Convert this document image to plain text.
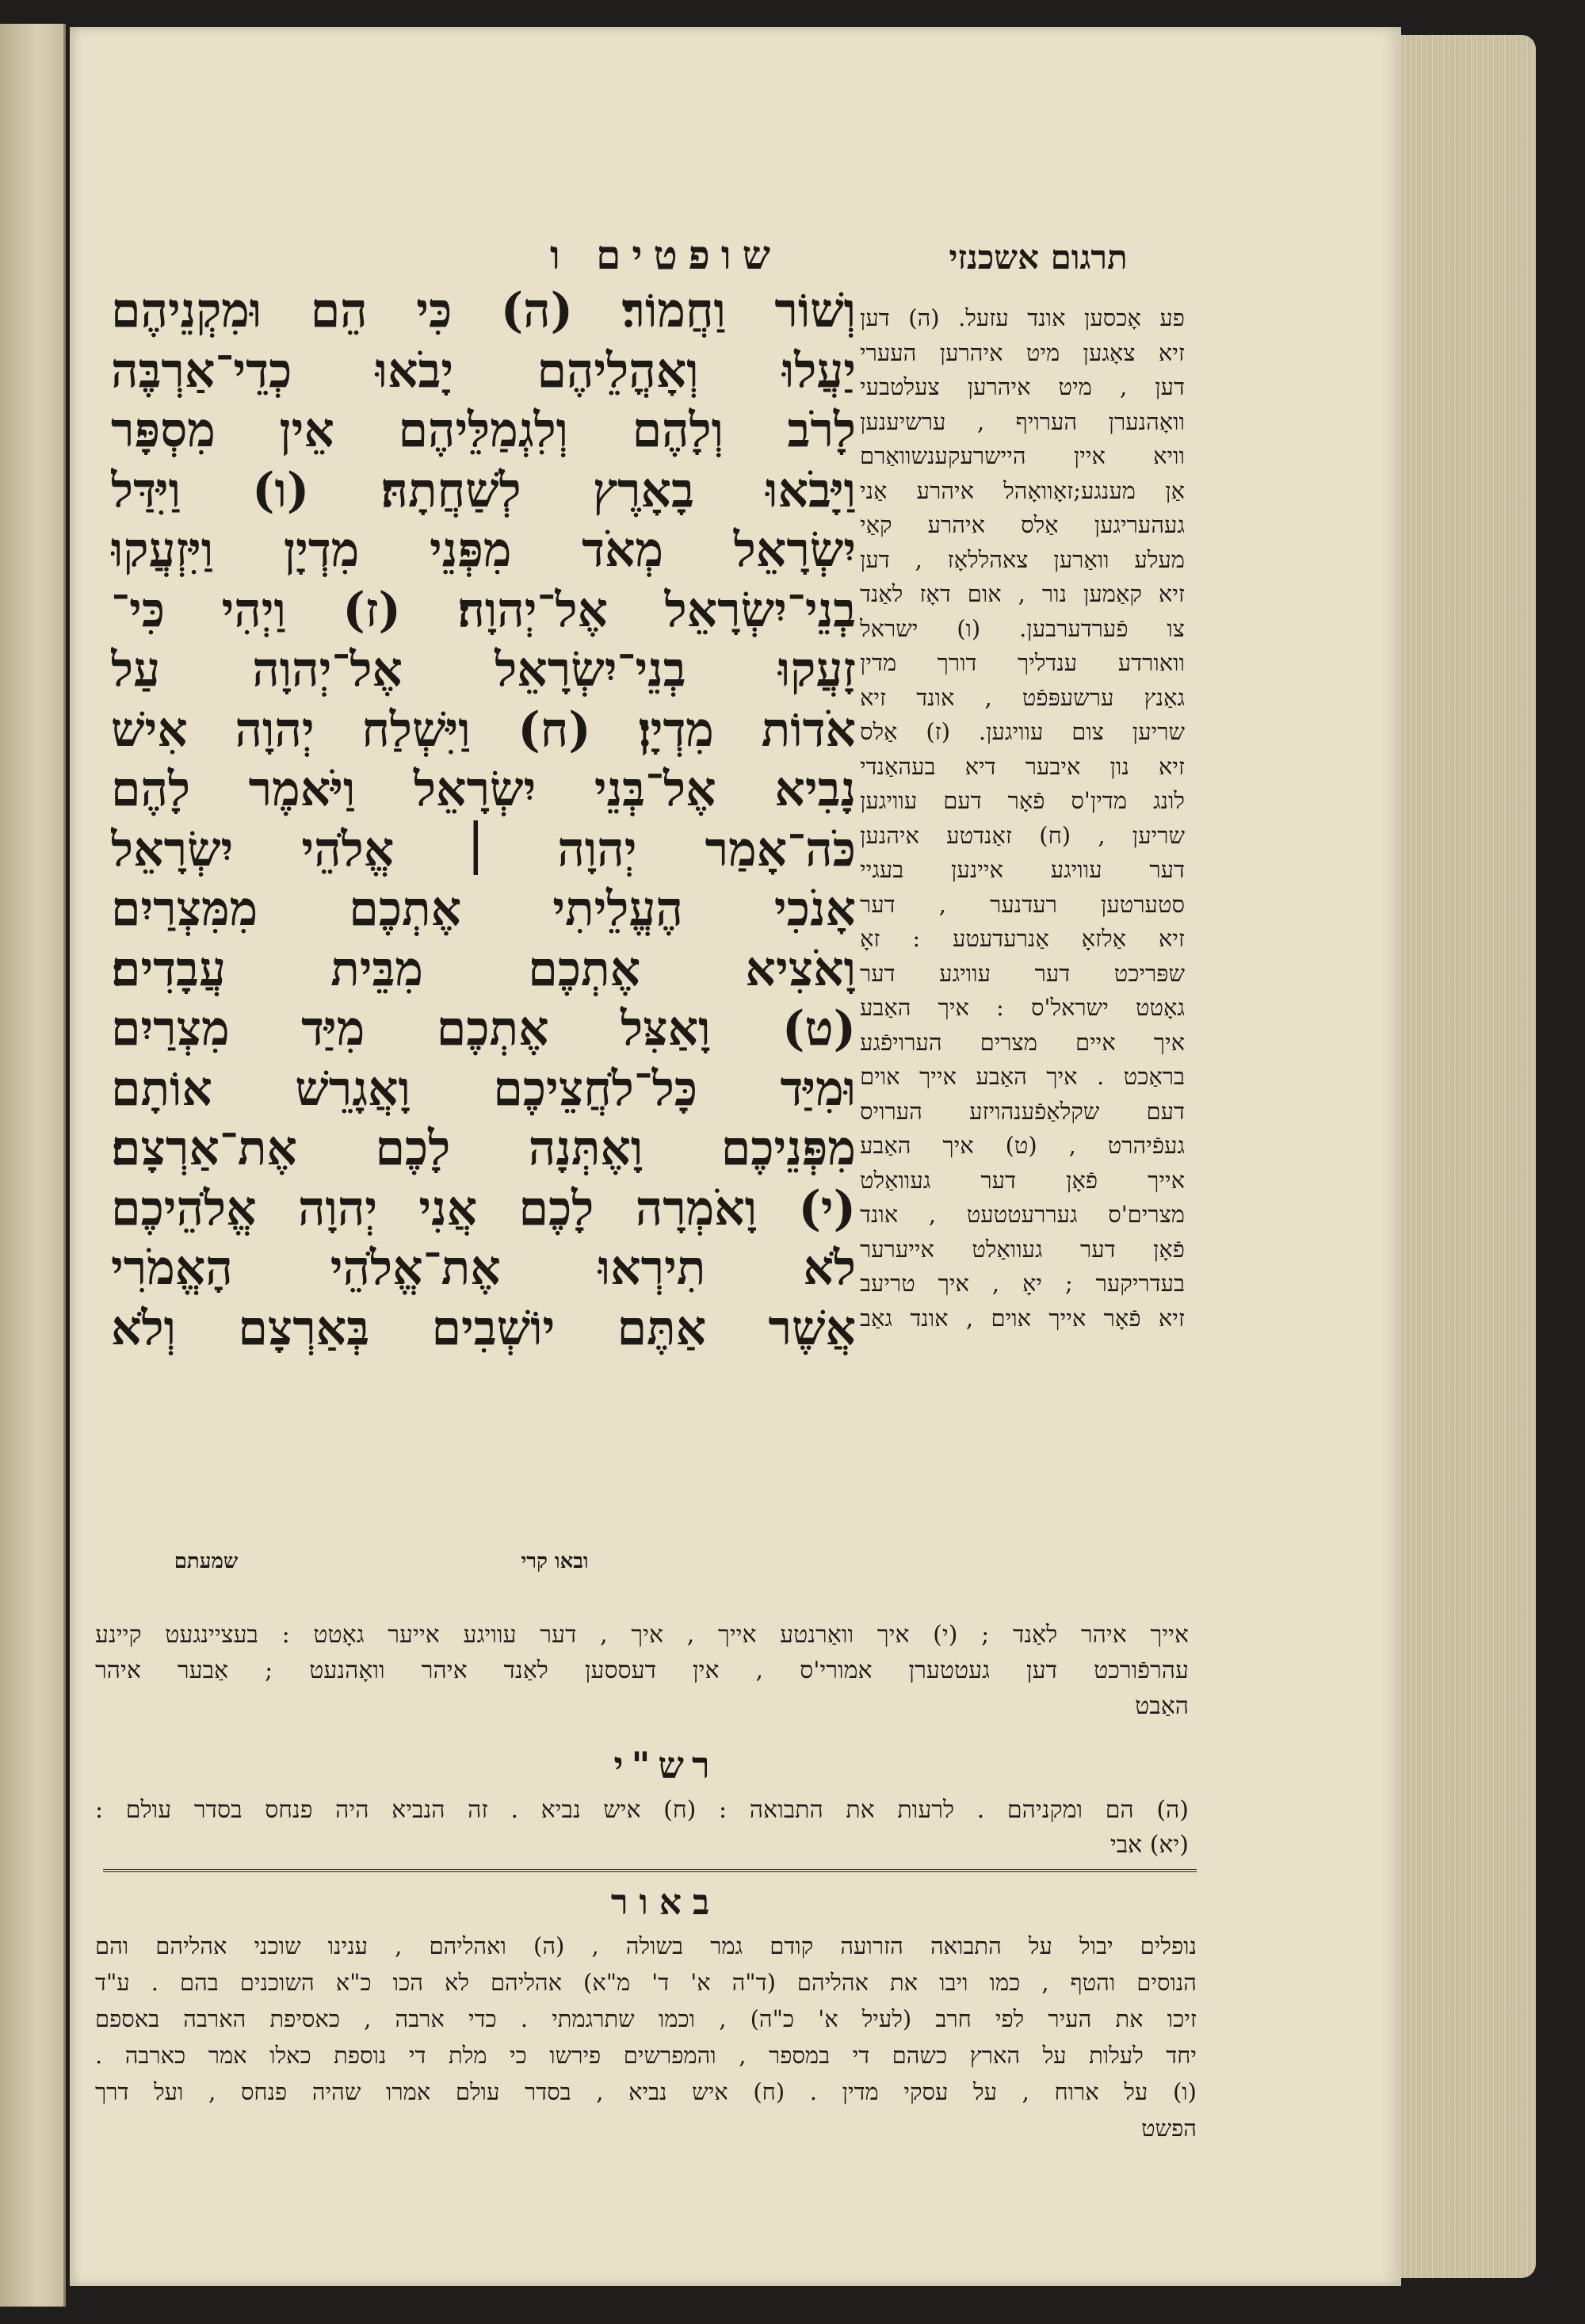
שופטים ו	תרגום אשכנזי
וְשׁוֹר וַחֲמוֹר׃ (ה) כִּי הֵם וּמִקְנֵיהֶם
יַעֲלוּ וְאָהֳלֵיהֶם יָבֹאוּ כְדֵי־אַרְבֶּה
לָרֹב וְלָהֶם וְלִגְמַלֵּיהֶם אֵין מִסְפָּר
וַיָּבֹאוּ בָאָרֶץ לְשַׁחֲתָהּ׃ (ו) וַיִּדַּל
יִשְׂרָאֵל מְאֹד מִפְּנֵי מִדְיָן וַיִּזְעֲקוּ
בְנֵי־יִשְׂרָאֵל אֶל־יְהוָה׃ (ז) וַיְהִי כִּי־
זָעֲקוּ בְנֵי־יִשְׂרָאֵל אֶל־יְהוָה עַל
אֹדוֹת מִדְיָן׃ (ח) וַיִּשְׁלַח יְהוָה אִישׁ
נָבִיא אֶל־בְּנֵי יִשְׂרָאֵל וַיֹּאמֶר לָהֶם
כֹּה־אָמַר יְהוָה ׀ אֱלֹהֵי יִשְׂרָאֵל
אָנֹכִי הֶעֱלֵיתִי אֶתְכֶם מִמִּצְרַיִם
וָאֹצִיא אֶתְכֶם מִבֵּית עֲבָדִים׃
(ט) וָאַצִּל אֶתְכֶם מִיַּד מִצְרַיִם
וּמִיַּד כָּל־לֹחֲצֵיכֶם וָאֲגָרֵשׁ אוֹתָם
מִפְּנֵיכֶם וָאֶתְּנָה לָכֶם אֶת־אַרְצָם׃
(י) וָאֹמְרָה לָכֶם אֲנִי יְהוָה אֱלֹהֵיכֶם
לֹא תִירְאוּ אֶת־אֱלֹהֵי הָאֱמֹרִי
אֲשֶׁר אַתֶּם יוֹשְׁבִים בְּאַרְצָם וְלֹא
פע אָכסען אונד עזעל. (ה) דען
זיא צאָגען מיט איהרען העערי
דען , מיט איהרען צעלטבעי
וואָהנערן הערויף , ערשיענען
וויא איין היישרעקענשוואַרם
אַן מענגע;זאָוואָהל איהרע אַני
געהעריגען אַלס איהרע קאַי
מעלע וואַרען צאהללאָז , דען
זיא קאַמען נור , אום דאָז לאַנד
צו פֿערדערבען. (ו) ישראל
וואורדע ענדליך דורך מדין
גאַנץ ערשעפּפֿט , אונד זיא
שריען צום עוויגען. (ז) אַלס
זיא נון איבער דיא בעהאַנדי
לונג מדין'ס פֿאָר דעם עוויגען
שריען , (ח) זאַנדטע איהנען
דער עוויגע איינען בעגיי
סטערטען רעדנער , דער
זיא אַלזאָ אַנרעדעטע : זאָ
שפּריכט דער עוויגע דער
גאָטט ישראל'ס : איך האַבע
איך איים מצרים הערויפֿגע
בראַכט . איך האַבע אייך אוים
דעם שקלאַפֿענהויזע הערויס
געפֿיהרט , (ט) איך האַבע
אייך פֿאָן דער געוואַלט
מצרים'ס געררעטטעט , אונד
פֿאָן דער געוואַלט אייערער
בעדריקער ; יאָ , איך טריעב
זיא פֿאָר אייך אוים , אונד גאַב
שמעתם	ובאו קרי
אייך איהר לאַנד ; (י) איך וואַרנטע אייך , איך , דער עוויגע אייער גאָטט : בעציינגעט קיינע
עהרפֿורכט דען געטטערן אמורי'ס , אין דעססען לאַנד איהר וואָהנעט ; אַבער איהר
האַבט
רש"י
(ה) הם ומקניהם . לרעות את התבואה : (ח) איש נביא . זה הנביא היה פנחס בסדר עולם :
(יא) אבי
באור
נופלים יבול על התבואה הזרועה קודם גמר בשולה , (ה) ואהליהם , ענינו שוכני אהליהם והם
הנוסים והטף , כמו ויבו את אהליהם (ד"ה א' ד' מ"א) אהליהם לא הכו כ"א השוכנים בהם . ע"ד
זיכו את העיר לפי חרב (לעיל א' כ"ה) , וכמו שתרגמתי . כדי ארבה , כאסיפת הארבה באספם
יחד לעלות על הארץ כשהם די במספר , והמפרשים פירשו כי מלת די נוספת כאלו אמר כארבה .
(ו) על ארוח , על עסקי מדין . (ח) איש נביא , בסדר עולם אמרו שהיה פנחס , ועל דרך
הפשט
